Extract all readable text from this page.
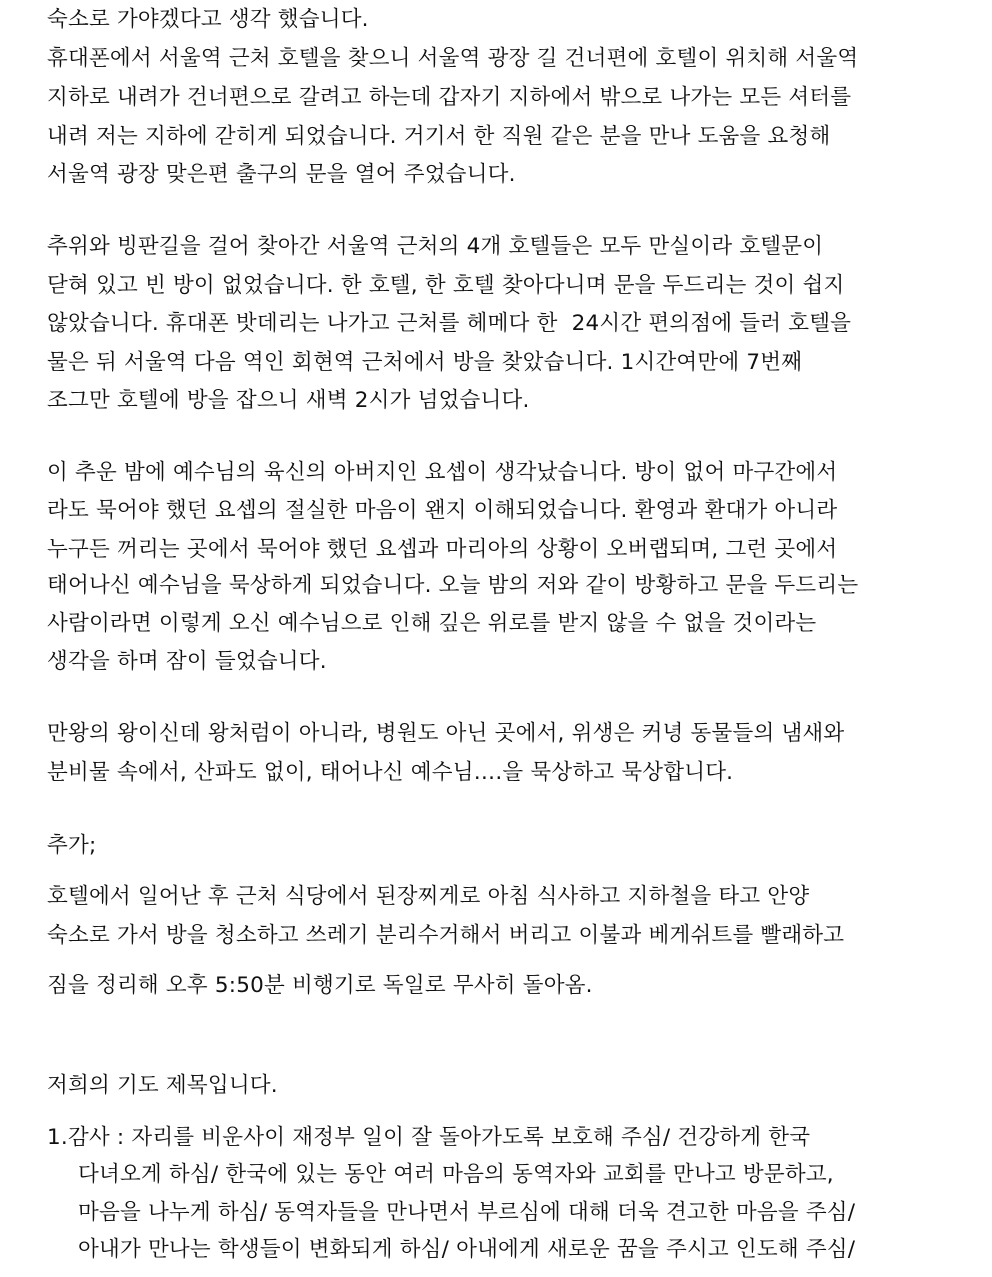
숙소로 가야겠다고 생각 했습니다.
휴대폰에서 서울역 근처 호텔을 찾으니 서울역 광장 길 건너편에 호텔이 위치해 서울역
지하로 내려가 건너편으로 갈려고 하는데 갑자기 지하에서 밖으로 나가는 모든 셔터를
내려 저는 지하에 갇히게 되었습니다. 거기서 한 직원 같은 분을 만나 도움을 요청해
서울역 광장 맞은편 출구의 문을 열어 주었습니다.
추위와 빙판길을 걸어 찾아간 서울역 근처의 4개 호텔들은 모두 만실이라 호텔문이
닫혀 있고 빈 방이 없었습니다. 한 호텔, 한 호텔 찾아다니며 문을 두드리는 것이 쉽지
않았습니다. 휴대폰 밧데리는 나가고 근처를 헤메다 한  24시간 편의점에 들러 호텔을
물은 뒤 서울역 다음 역인 회현역 근처에서 방을 찾았습니다. 1시간여만에 7번째
조그만 호텔에 방을 잡으니 새벽 2시가 넘었습니다.
이 추운 밤에 예수님의 육신의 아버지인 요셉이 생각났습니다. 방이 없어 마구간에서
라도 묵어야 했던 요셉의 절실한 마음이 왠지 이해되었습니다. 환영과 환대가 아니라
누구든 꺼리는 곳에서 묵어야 했던 요셉과 마리아의 상황이 오버랩되며, 그런 곳에서
태어나신 예수님을 묵상하게 되었습니다. 오늘 밤의 저와 같이 방황하고 문을 두드리는
사람이라면 이렇게 오신 예수님으로 인해 깊은 위로를 받지 않을 수 없을 것이라는
생각을 하며 잠이 들었습니다.
만왕의 왕이신데 왕처럼이 아니라, 병원도 아닌 곳에서, 위생은 커녕 동물들의 냄새와
분비물 속에서, 산파도 없이, 태어나신 예수님….을 묵상하고 묵상합니다.
추가;
호텔에서 일어난 후 근처 식당에서 된장찌게로 아침 식사하고 지하철을 타고 안양
숙소로 가서 방을 청소하고 쓰레기 분리수거해서 버리고 이불과 베게쉬트를 빨래하고
짐을 정리해 오후 5:50분 비행기로 독일로 무사히 돌아옴.
저희의 기도 제목입니다.
1.감사 : 자리를 비운사이 재정부 일이 잘 돌아가도록 보호해 주심/ 건강하게 한국
다녀오게 하심/ 한국에 있는 동안 여러 마음의 동역자와 교회를 만나고 방문하고,
마음을 나누게 하심/ 동역자들을 만나면서 부르심에 대해 더욱 견고한 마음을 주심/
아내가 만나는 학생들이 변화되게 하심/ 아내에게 새로운 꿈을 주시고 인도해 주심/
